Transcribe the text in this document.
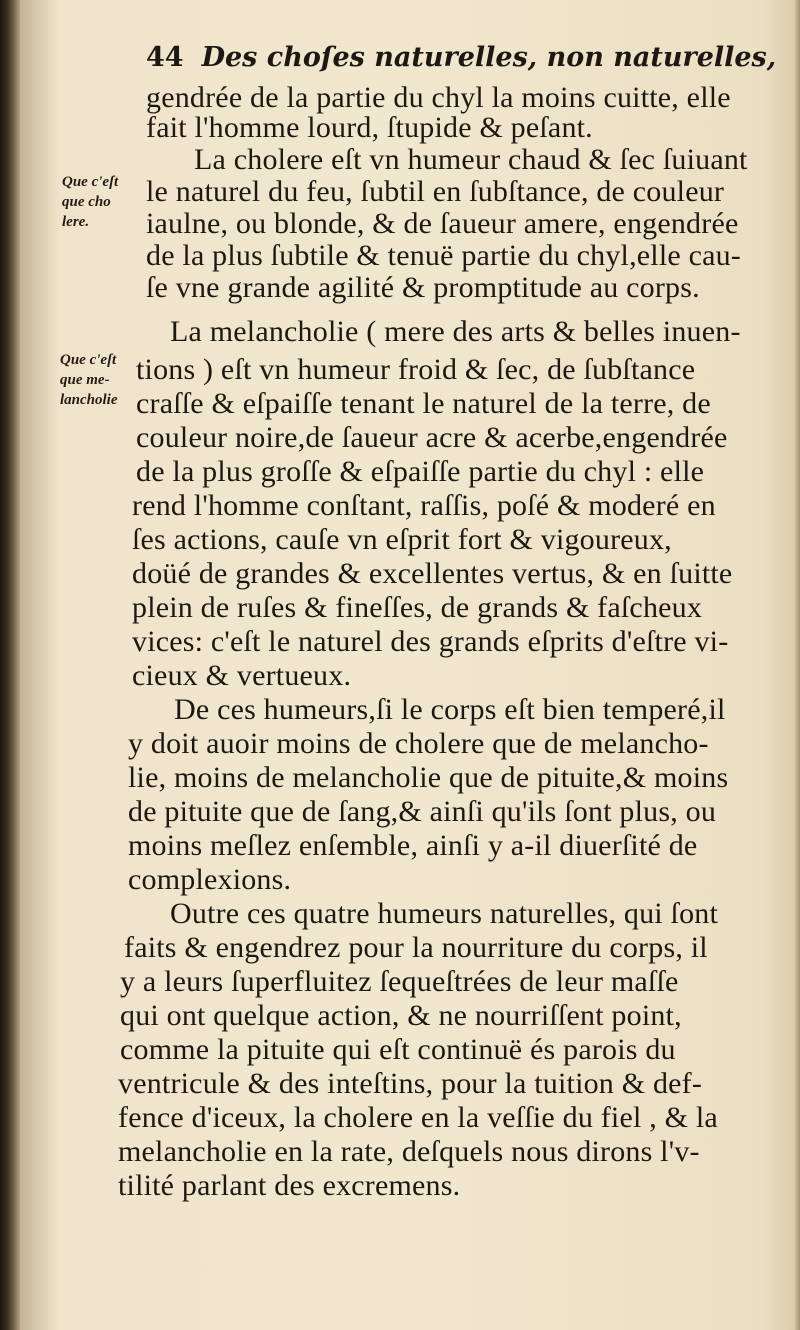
44 Des choſes naturelles, non naturelles,
gendrée de la partie du chyl la moins cuitte, elle
fait l'homme lourd, ſtupide & peſant.
La cholere eſt vn humeur chaud & ſec ſuiuant
le naturel du feu, ſubtil en ſubſtance, de couleur
iaulne, ou blonde, & de ſaueur amere, engendrée
de la plus ſubtile & tenuë partie du chyl,elle cau-
ſe vne grande agilité & promptitude au corps.
La melancholie ( mere des arts & belles inuen-
tions ) eſt vn humeur froid & ſec, de ſubſtance
craſſe & eſpaiſſe tenant le naturel de la terre, de
couleur noire,de ſaueur acre & acerbe,engendrée
de la plus groſſe & eſpaiſſe partie du chyl : elle
rend l'homme conſtant, raſſis, poſé & moderé en
ſes actions, cauſe vn eſprit fort & vigoureux,
doüé de grandes & excellentes vertus, & en ſuitte
plein de ruſes & fineſſes, de grands & faſcheux
vices: c'eſt le naturel des grands eſprits d'eſtre vi-
cieux & vertueux.
De ces humeurs,ſi le corps eſt bien temperé,il
y doit auoir moins de cholere que de melancho-
lie, moins de melancholie que de pituite,& moins
de pituite que de ſang,& ainſi qu'ils ſont plus, ou
moins meſlez enſemble, ainſi y a-il diuerſité de
complexions.
Outre ces quatre humeurs naturelles, qui ſont
faits & engendrez pour la nourriture du corps, il
y a leurs ſuperfluitez ſequeſtrées de leur maſſe
qui ont quelque action, & ne nourriſſent point,
comme la pituite qui eſt continuë és parois du
ventricule & des inteſtins, pour la tuition & def-
fence d'iceux, la cholere en la veſſie du fiel , & la
melancholie en la rate, deſquels nous dirons l'v-
tilité parlant des excremens.
Que c'eſt
que cho
lere.
Que c'eſt
que me-
lancholie
